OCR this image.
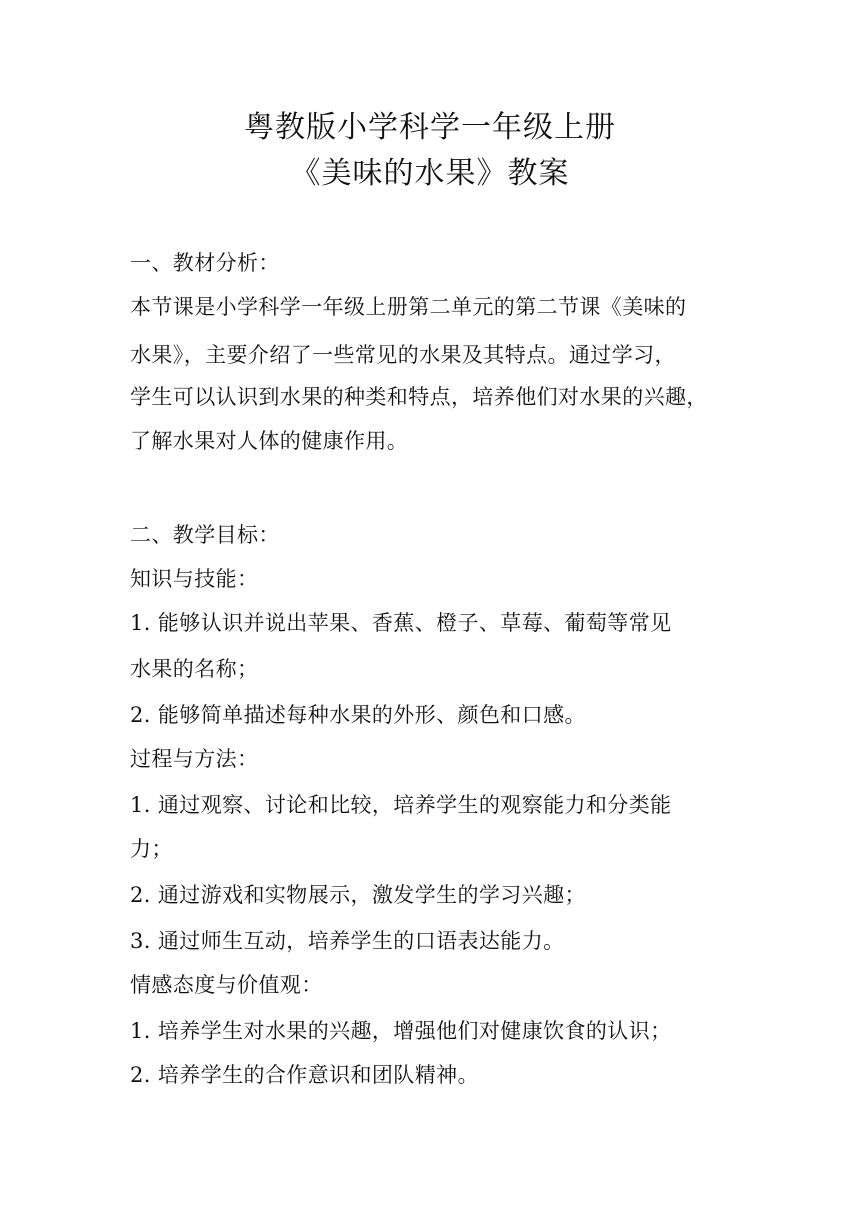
粤教版小学科学一年级上册
《美味的水果》教案
一、教材分析：
本节课是小学科学一年级上册第二单元的第二节课《美味的
水果》，主要介绍了一些常见的水果及其特点。通过学习，
学生可以认识到水果的种类和特点，培养他们对水果的兴趣，
了解水果对人体的健康作用。
二、教学目标：
知识与技能：
1. 能够认识并说出苹果、香蕉、橙子、草莓、葡萄等常见
水果的名称；
2. 能够简单描述每种水果的外形、颜色和口感。
过程与方法：
1. 通过观察、讨论和比较，培养学生的观察能力和分类能
力；
2. 通过游戏和实物展示，激发学生的学习兴趣；
3. 通过师生互动，培养学生的口语表达能力。
情感态度与价值观：
1. 培养学生对水果的兴趣，增强他们对健康饮食的认识；
2. 培养学生的合作意识和团队精神。
